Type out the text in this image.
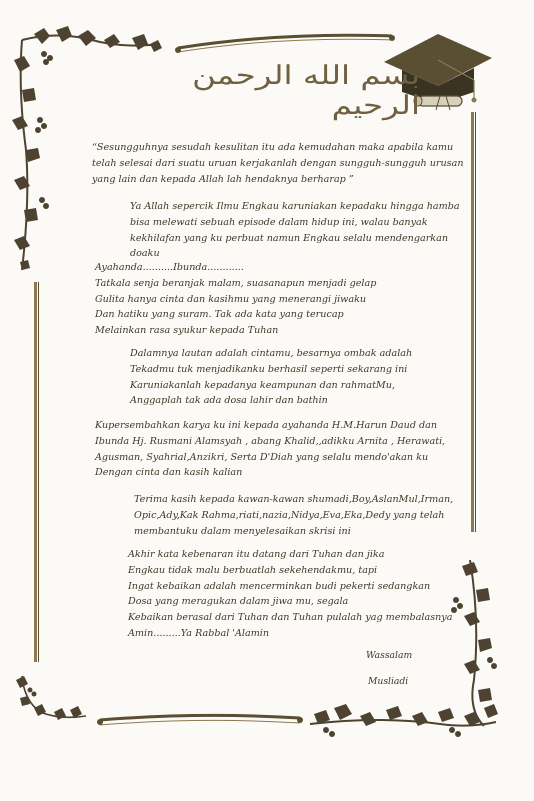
بسم الله الرحمن الرحيم
“Sesungguhnya sesudah kesulitan itu ada kemudahan maka apabila kamu
telah selesai dari suatu uruan kerjakanlah dengan sungguh-sungguh urusan
yang lain dan kepada Allah lah hendaknya berharap ”
Ya Allah sepercik Ilmu Engkau karuniakan kepadaku hingga hamba
bisa melewati sebuah episode dalam hidup ini, walau banyak
kekhilafan yang ku perbuat namun Engkau selalu mendengarkan
doaku
Ayahanda..........Ibunda............
Tatkala senja beranjak malam, suasanapun menjadi gelap
Gulita hanya cinta dan kasihmu yang menerangi jiwaku
Dan hatiku yang suram. Tak ada kata yang terucap
Melainkan rasa syukur kepada Tuhan
Dalamnya lautan adalah cintamu, besarnya ombak adalah
Tekadmu tuk menjadikanku berhasil seperti sekarang ini
Karuniakanlah kepadanya keampunan dan rahmatMu,
Anggaplah tak ada dosa lahir dan bathin
Kupersembahkan karya ku ini kepada ayahanda H.M.Harun Daud dan
Ibunda Hj. Rusmani Alamsyah , abang Khalid,,adikku Arnita , Herawati,
Agusman, Syahrial,Anzikri, Serta D'Diah yang selalu mendo'akan ku
Dengan cinta dan kasih kalian
Terima kasih kepada kawan-kawan shumadi,Boy,AslanMul,Irman,
Opic,Ady,Kak Rahma,riati,nazia,Nidya,Eva,Eka,Dedy yang telah
membantuku dalam menyelesaikan skrisi ini
Akhir kata kebenaran itu datang dari Tuhan dan jika
Engkau tidak malu berbuatlah sekehendakmu, tapi
Ingat kebaikan adalah mencerminkan budi pekerti sedangkan
Dosa yang meragukan dalam jiwa mu, segala
Kebaikan berasal dari Tuhan dan Tuhan pulalah yag membalasnya
Amin.........Ya Rabbal 'Alamin
Wassalam
Musliadi
